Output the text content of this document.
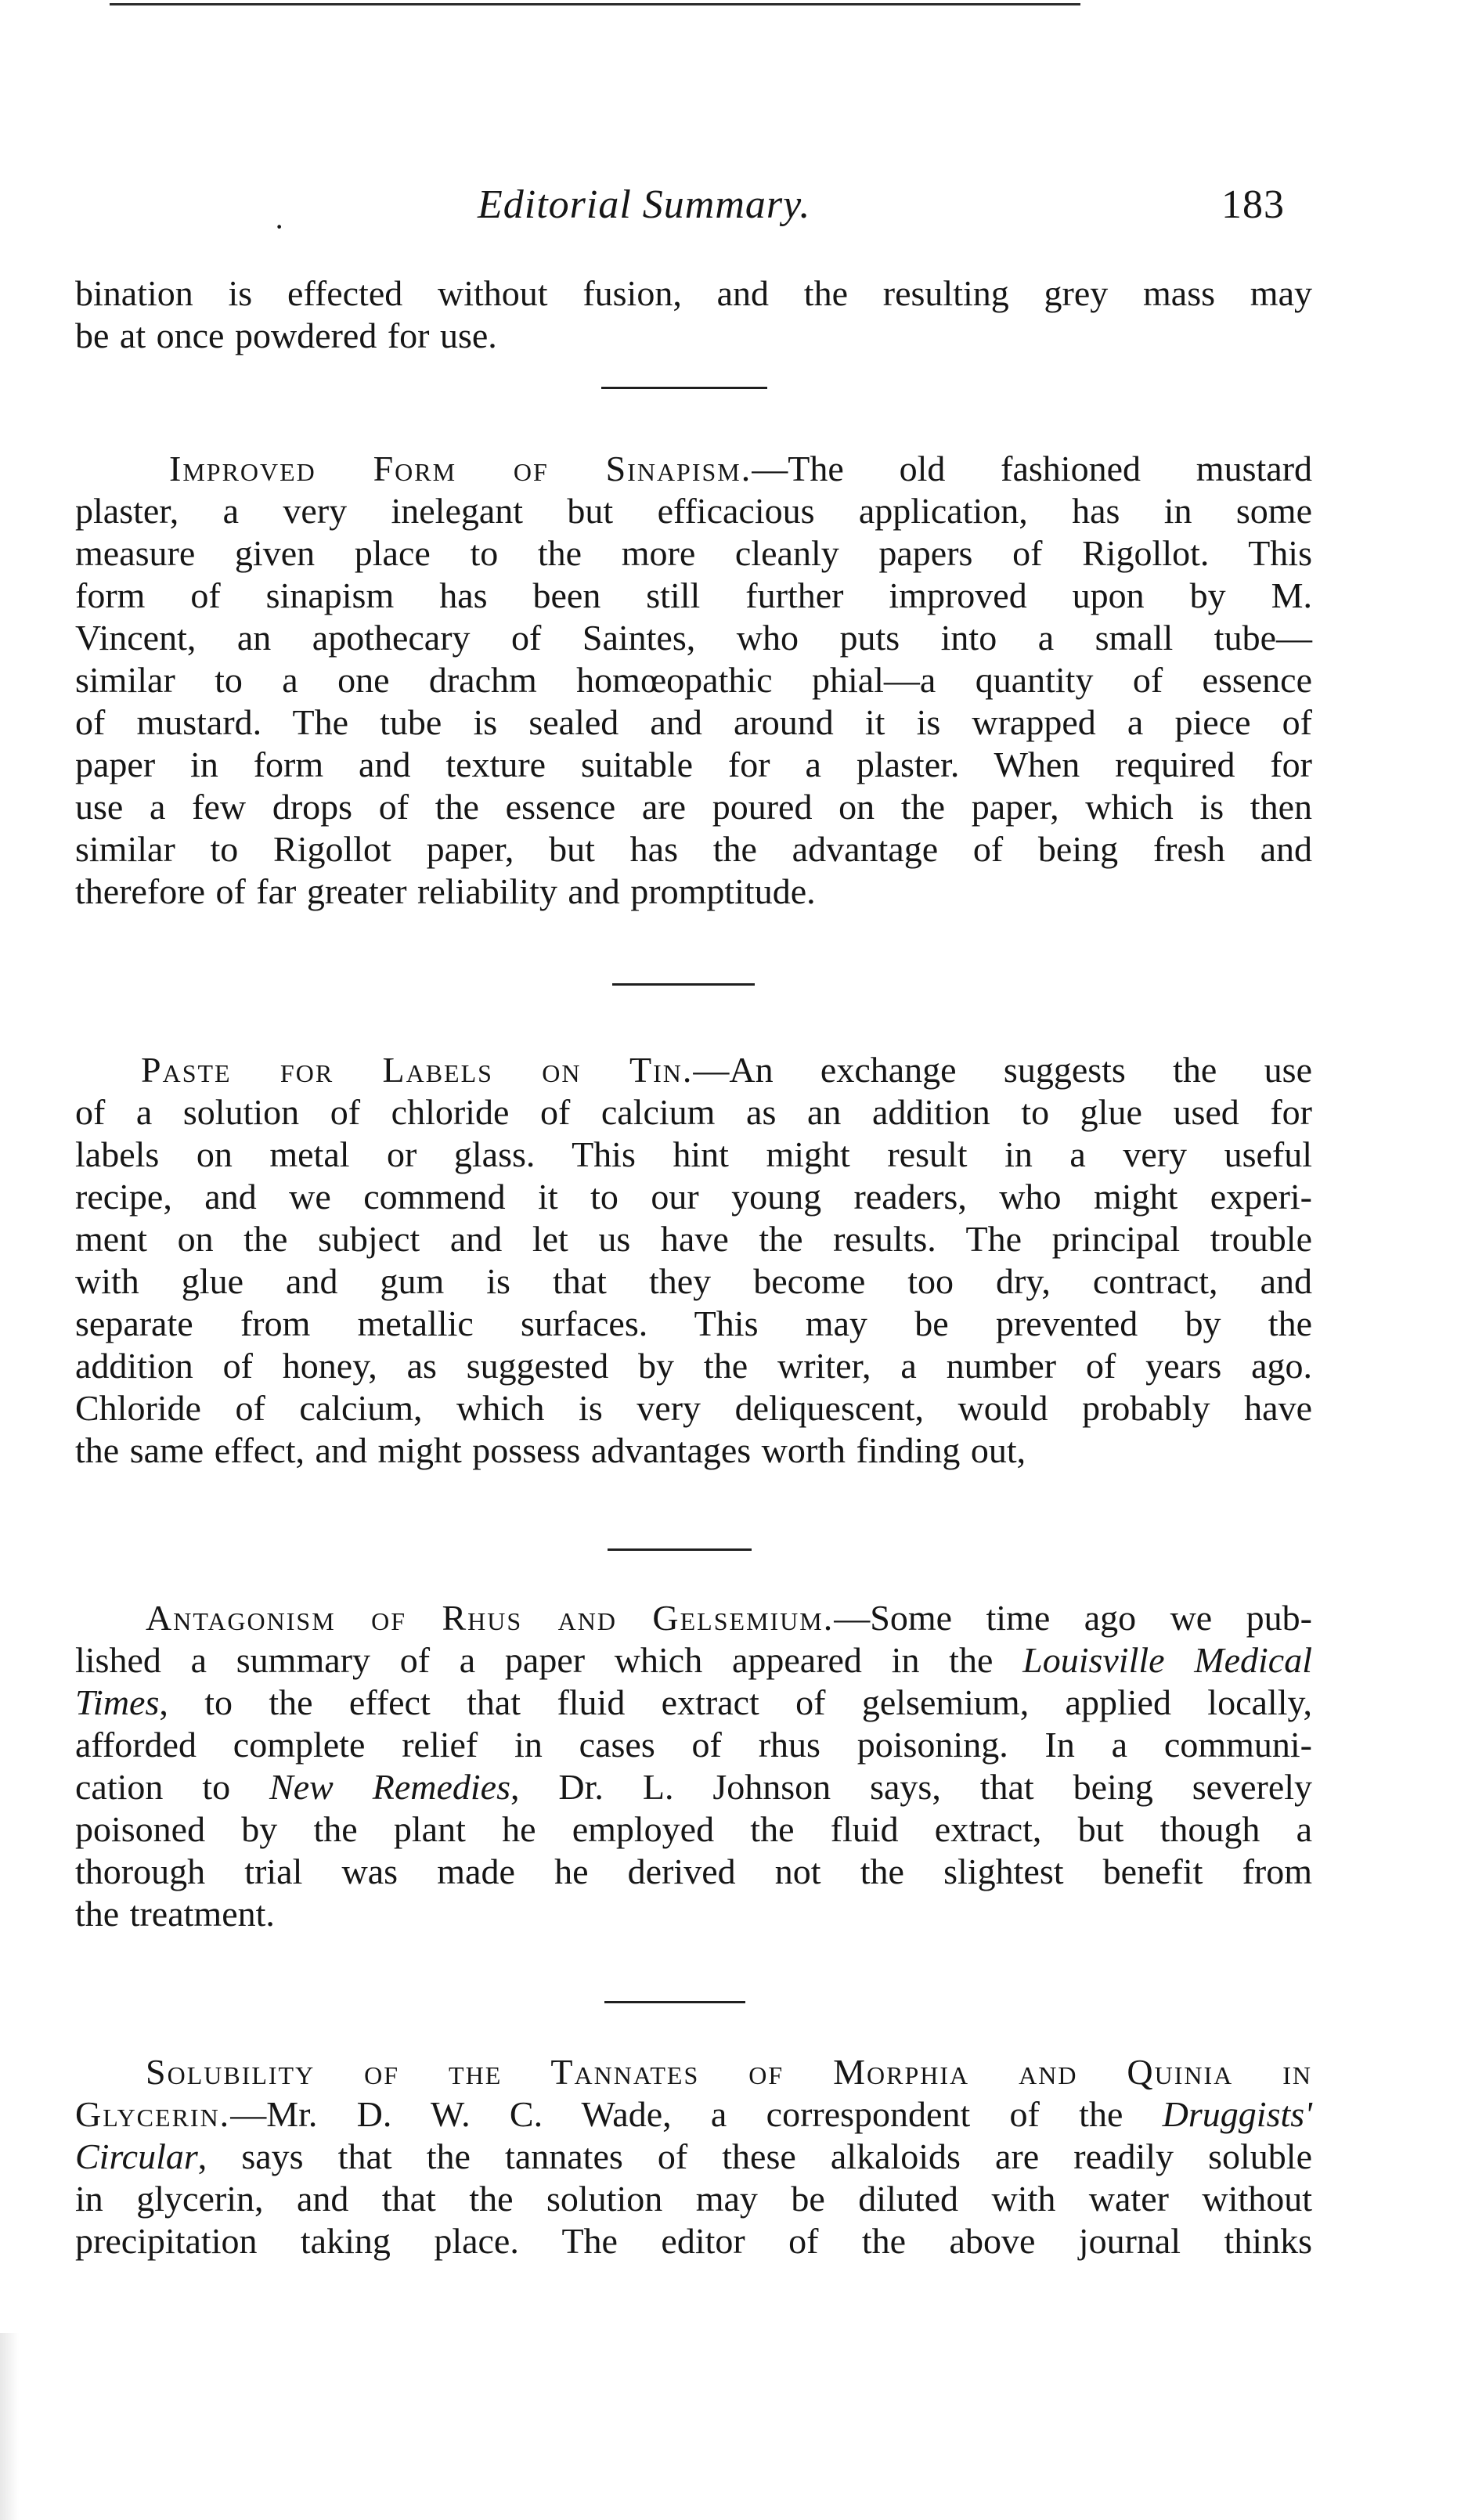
·	Editorial Summary.	183
bination is effected without fusion, and the resulting grey mass may
be at once powdered for use.
Improved Form of Sinapism.—The old fashioned mustard
plaster, a very inelegant but efficacious application, has in some
measure given place to the more cleanly papers of Rigollot. This
form of sinapism has been still further improved upon by M.
Vincent, an apothecary of Saintes, who puts into a small tube—
similar to a one drachm homœopathic phial—a quantity of essence
of mustard. The tube is sealed and around it is wrapped a piece of
paper in form and texture suitable for a plaster. When required for
use a few drops of the essence are poured on the paper, which is then
similar to Rigollot paper, but has the advantage of being fresh and
therefore of far greater reliability and promptitude.
Paste for Labels on Tin.—An exchange suggests the use
of a solution of chloride of calcium as an addition to glue used for
labels on metal or glass. This hint might result in a very useful
recipe, and we commend it to our young readers, who might experi-
ment on the subject and let us have the results. The principal trouble
with glue and gum is that they become too dry, contract, and
separate from metallic surfaces. This may be prevented by the
addition of honey, as suggested by the writer, a number of years ago.
Chloride of calcium, which is very deliquescent, would probably have
the same effect, and might possess advantages worth finding out,
Antagonism of Rhus and Gelsemium.—Some time ago we pub-
lished a summary of a paper which appeared in the Louisville Medical
Times, to the effect that fluid extract of gelsemium, applied locally,
afforded complete relief in cases of rhus poisoning. In a communi-
cation to New Remedies, Dr. L. Johnson says, that being severely
poisoned by the plant he employed the fluid extract, but though a
thorough trial was made he derived not the slightest benefit from
the treatment.
Solubility of the Tannates of Morphia and Quinia in
Glycerin.—Mr. D. W. C. Wade, a correspondent of the Druggists'
Circular, says that the tannates of these alkaloids are readily soluble
in glycerin, and that the solution may be diluted with water without
precipitation taking place. The editor of the above journal thinks
